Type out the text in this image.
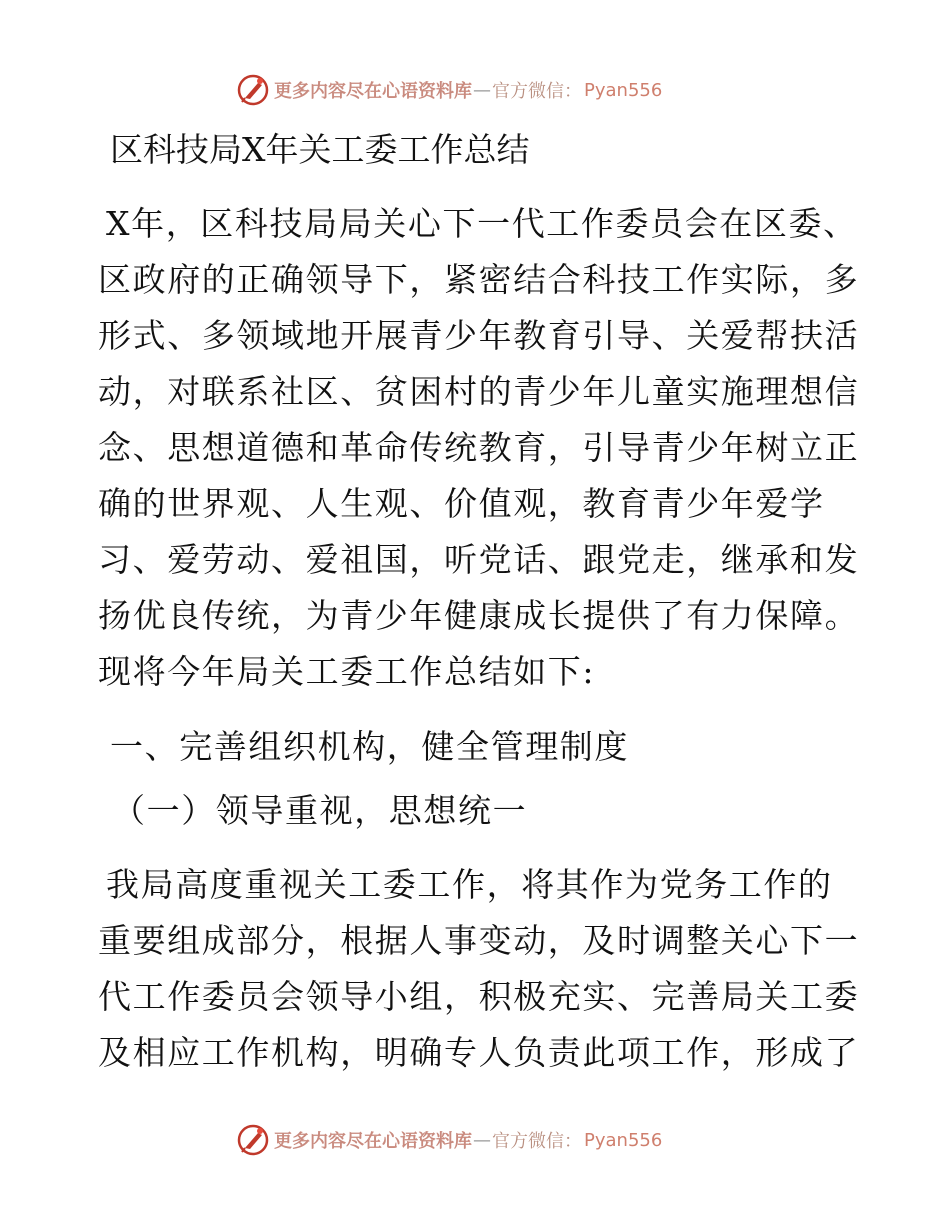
更多内容尽在心语资料库 — 官方微信： Pyan556
区科技局X年关工委工作总结

X年，区科技局局关心下一代工作委员会在区委、
区政府的正确领导下，紧密结合科技工作实际，多
形式、多领域地开展青少年教育引导、关爱帮扶活
动，对联系社区、贫困村的青少年儿童实施理想信
念、思想道德和革命传统教育，引导青少年树立正
确的世界观、人生观、价值观，教育青少年爱学
习、爱劳动、爱祖国，听党话、跟党走，继承和发
扬优良传统，为青少年健康成长提供了有力保障。
现将今年局关工委工作总结如下:

一、完善组织机构，健全管理制度
（一）领导重视，思想统一

我局高度重视关工委工作，将其作为党务工作的
重要组成部分，根据人事变动，及时调整关心下一
代工作委员会领导小组，积极充实、完善局关工委
及相应工作机构，明确专人负责此项工作，形成了

更多内容尽在心语资料库 — 官方微信： Pyan556
